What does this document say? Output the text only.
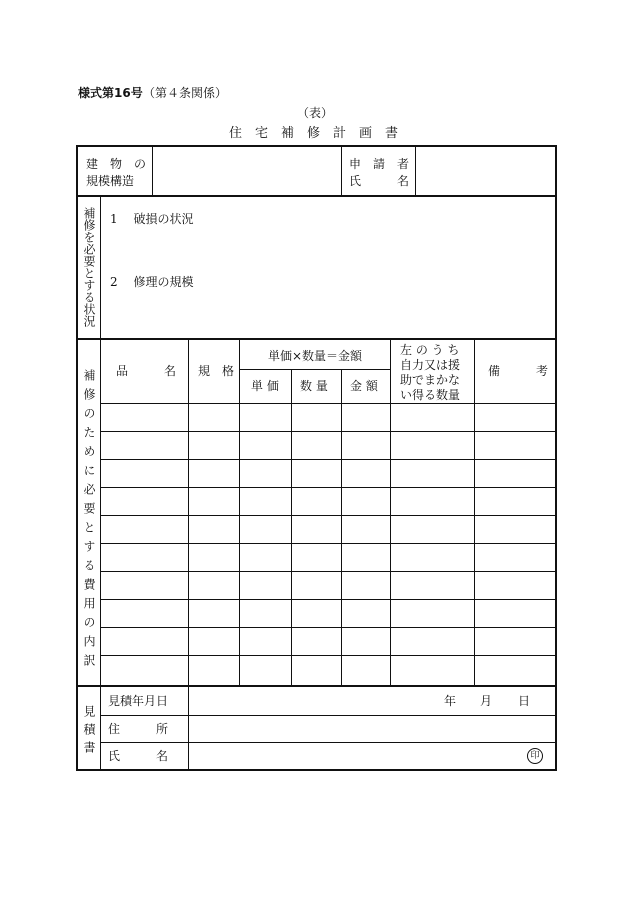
様式第16号 （第４条関係）
（表）
住宅補修計画書
建　物　の
規模構造
申　請　者
氏　　　名
補修を必要とする状況 1　 破損の状況
2　 修理の規模
補修のために必要とする費用の内訳 品　　　名 規　格
単価×数量＝金額
単 価 数 量 金 額
左 の う ち
自力又は援
助でまかな
い得る数量
備　　　考
見積書
見積年月日	年 月 日
住　　　所
氏　　　名	印
